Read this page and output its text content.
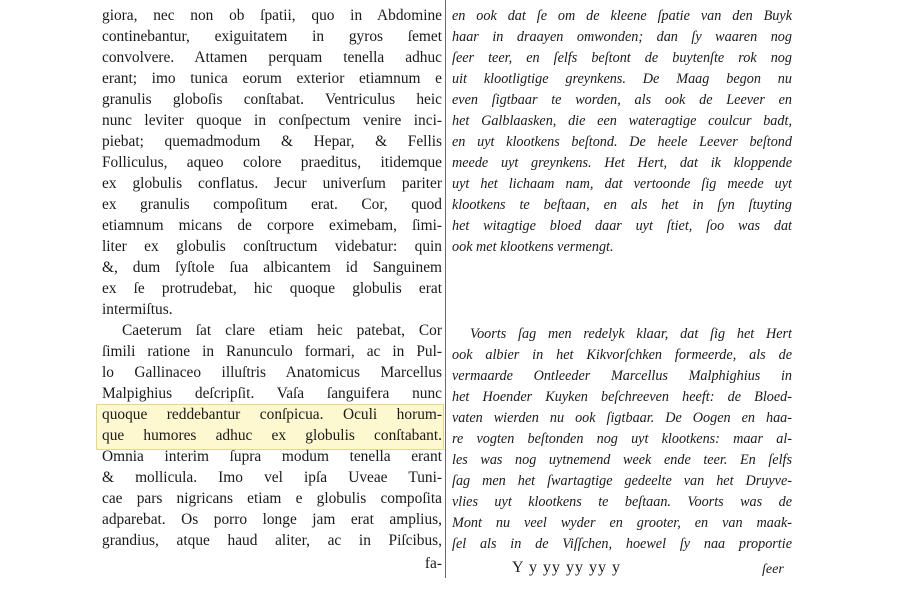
giora, nec non ob ſpatii, quo in Abdomine
continebantur, exiguitatem in gyros ſemet
convolvere. Attamen perquam tenella adhuc
erant; imo tunica eorum exterior etiamnum e
granulis globoſis conſtabat. Ventriculus heic
nunc leviter quoque in conſpectum venire inci-
piebat; quemadmodum & Hepar, & Fellis
Folliculus, aqueo colore praeditus, itidemque
ex globulis conflatus. Jecur univerſum pariter
ex granulis compoſitum erat. Cor, quod
etiamnum micans de corpore eximebam, ſimi-
liter ex globulis conſtructum videbatur: quin
&, dum ſyſtole ſua albicantem id Sanguinem
ex ſe protrudebat, hic quoque globulis erat
intermiſtus.
Caeterum ſat clare etiam heic patebat, Cor
ſimili ratione in Ranunculo formari, ac in Pul-
lo Gallinaceo illuſtris Anatomicus Marcellus
Malpighius deſcripſit. Vaſa ſanguifera nunc
quoque reddebantur conſpicua. Oculi horum-
que humores adhuc ex globulis conſtabant.
Omnia interim ſupra modum tenella erant
& mollicula. Imo vel ipſa Uveae Tuni-
cae pars nigricans etiam e globulis compoſita
adparebat. Os porro longe jam erat amplius,
grandius, atque haud aliter, ac in Piſcibus,
fa-
en ook dat ſe om de kleene ſpatie van den Buyk
haar in draayen omwonden; dan ſy waaren nog
ſeer teer, en ſelfs beſtont de buytenſte rok nog
uit klootligtige greynkens. De Maag begon nu
even ſigtbaar te worden, als ook de Leever en
het Galblaasken, die een wateragtige coulcur badt,
en uyt klootkens beſtond. De heele Leever beſtond
meede uyt greynkens. Het Hert, dat ik kloppende
uyt het lichaam nam, dat vertoonde ſig meede uyt
klootkens te beſtaan, en als het in ſyn ſtuyting
het witagtige bloed daar uyt ſtiet, ſoo was dat
ook met klootkens vermengt.
Voorts ſag men redelyk klaar, dat ſig het Hert
ook albier in het Kikvorſchken formeerde, als de
vermaarde Ontleeder Marcellus Malphighius in
het Hoender Kuyken beſchreeven heeft: de Bloed-
vaten wierden nu ook ſigtbaar. De Oogen en haa-
re vogten beſtonden nog uyt klootkens: maar al-
les was nog uytnemend week ende teer. En ſelfs
ſag men het ſwartagtige gedeelte van het Druyve-
vlies uyt klootkens te beſtaan. Voorts was de
Mont nu veel wyder en grooter, en van maak-
ſel als in de Viſſchen, hoewel ſy naa proportie
Y y yy yy yy y	ſeer
